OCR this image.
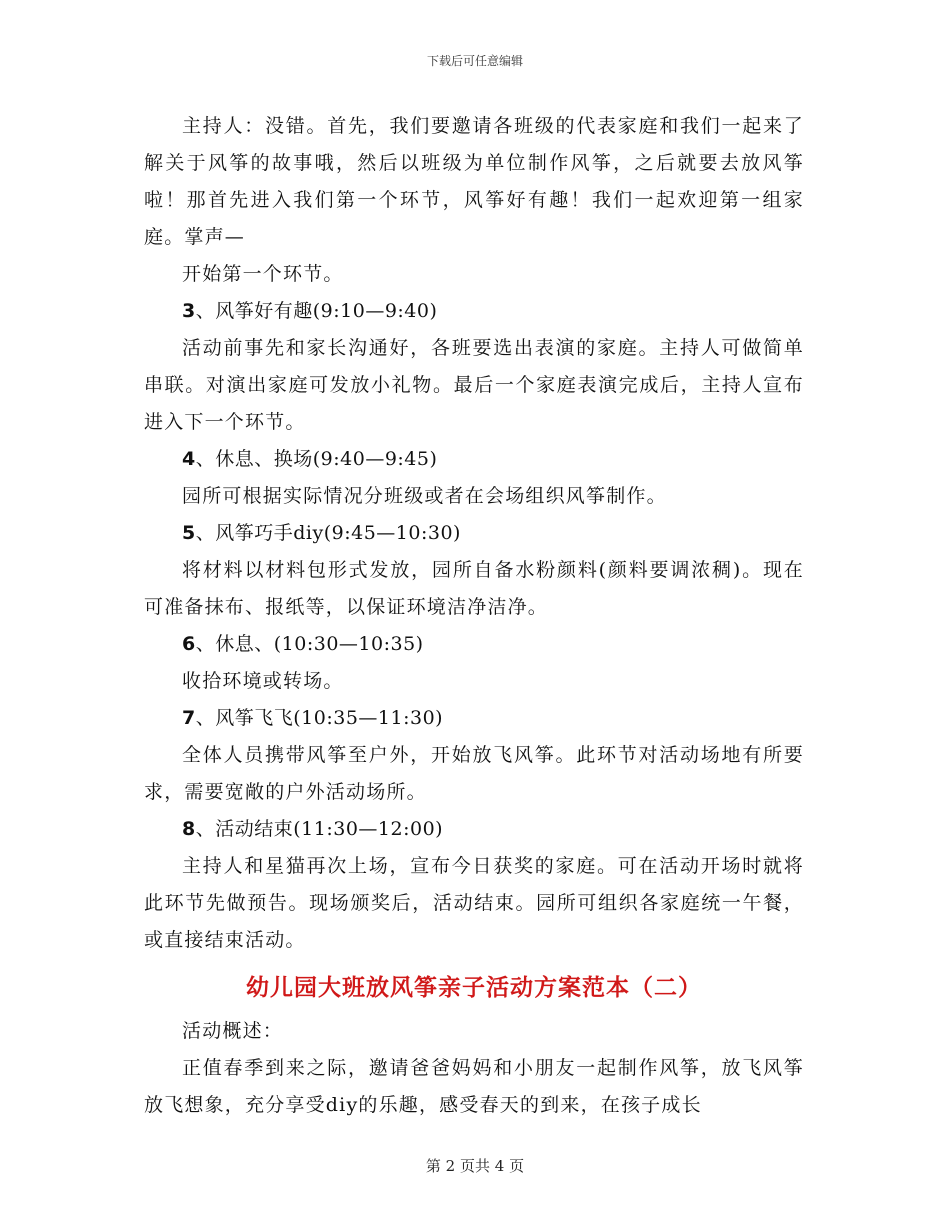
下载后可任意编辑

主持人：没错。首先，我们要邀请各班级的代表家庭和我们一起来了解关于风筝的故事哦，然后以班级为单位制作风筝，之后就要去放风筝啦！那首先进入我们第一个环节，风筝好有趣！我们一起欢迎第一组家庭。掌声—

开始第一个环节。

3、风筝好有趣(9:10—9:40)

活动前事先和家长沟通好，各班要选出表演的家庭。主持人可做简单串联。对演出家庭可发放小礼物。最后一个家庭表演完成后，主持人宣布进入下一个环节。

4、休息、换场(9:40—9:45)

园所可根据实际情况分班级或者在会场组织风筝制作。

5、风筝巧手diy(9:45—10:30)

将材料以材料包形式发放，园所自备水粉颜料(颜料要调浓稠)。现在可准备抹布、报纸等，以保证环境洁净洁净。

6、休息、(10:30—10:35)

收拾环境或转场。

7、风筝飞飞(10:35—11:30)

全体人员携带风筝至户外，开始放飞风筝。此环节对活动场地有所要求，需要宽敞的户外活动场所。

8、活动结束(11:30—12:00)

主持人和星猫再次上场，宣布今日获奖的家庭。可在活动开场时就将此环节先做预告。现场颁奖后，活动结束。园所可组织各家庭统一午餐，或直接结束活动。

幼儿园大班放风筝亲子活动方案范本（二）

活动概述：

正值春季到来之际，邀请爸爸妈妈和小朋友一起制作风筝，放飞风筝放飞想象，充分享受diy的乐趣，感受春天的到来，在孩子成长

第 2 页共 4 页
